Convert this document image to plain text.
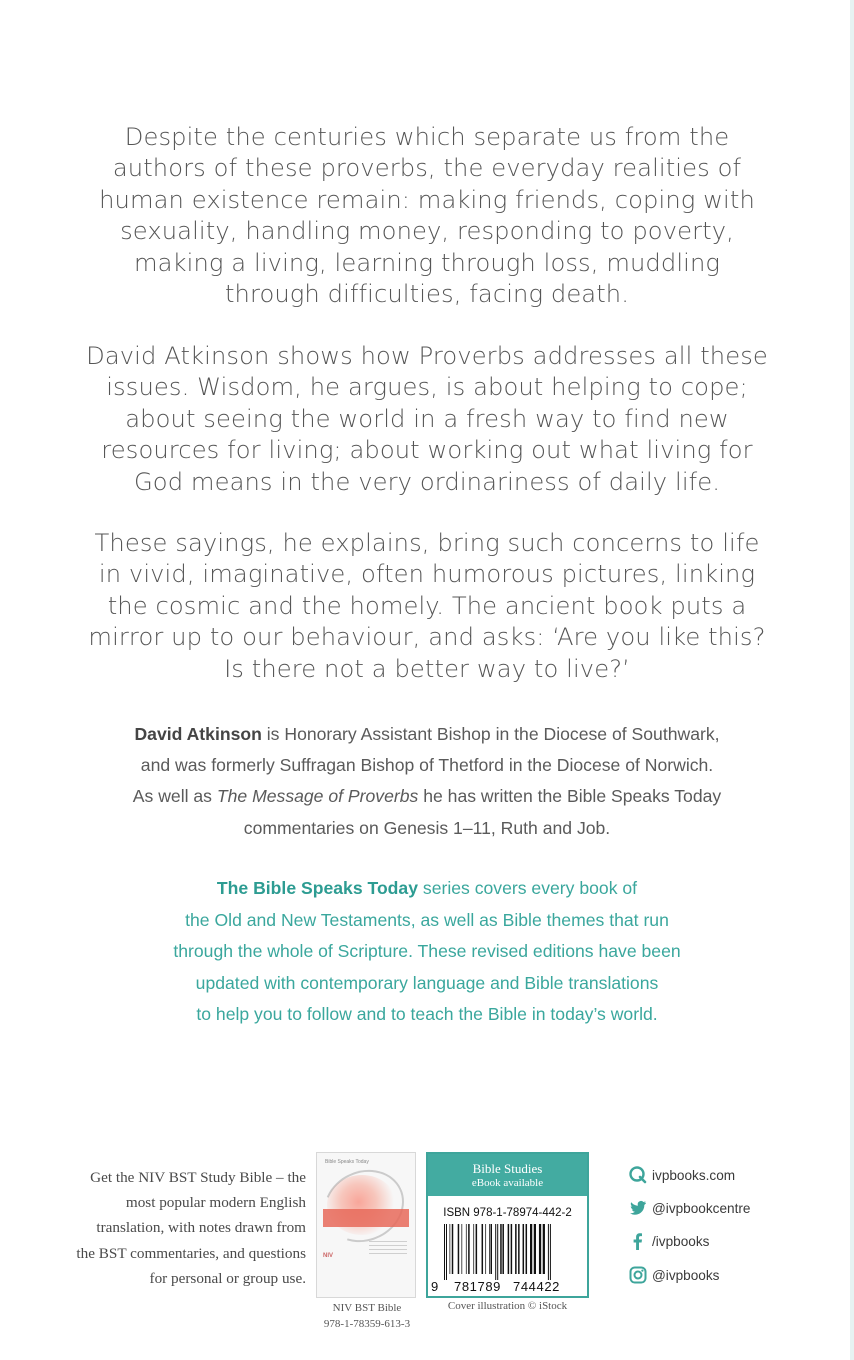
Despite the centuries which separate us from the
authors of these proverbs, the everyday realities of
human existence remain: making friends, coping with
sexuality, handling money, responding to poverty,
making a living, learning through loss, muddling
through difficulties, facing death.
David Atkinson shows how Proverbs addresses all these
issues. Wisdom, he argues, is about helping to cope;
about seeing the world in a fresh way to find new
resources for living; about working out what living for
God means in the very ordinariness of daily life.
These sayings, he explains, bring such concerns to life
in vivid, imaginative, often humorous pictures, linking
the cosmic and the homely. The ancient book puts a
mirror up to our behaviour, and asks: ‘Are you like this?
Is there not a better way to live?’
David Atkinson is Honorary Assistant Bishop in the Diocese of Southwark,
and was formerly Suffragan Bishop of Thetford in the Diocese of Norwich.
As well as The Message of Proverbs he has written the Bible Speaks Today
commentaries on Genesis 1–11, Ruth and Job.
The Bible Speaks Today series covers every book of
the Old and New Testaments, as well as Bible themes that run
through the whole of Scripture. These revised editions have been
updated with contemporary language and Bible translations
to help you to follow and to teach the Bible in today’s world.
Get the NIV BST Study Bible – the
most popular modern English
translation, with notes drawn from
the BST commentaries, and questions
for personal or group use.
Bible Speaks Today
NIV
NIV BST Bible
978-1-78359-613-3
Bible Studies
eBook available
ISBN 978-1-78974-442-2
9 781789 744422
Cover illustration © iStock
ivpbooks.com
@ivpbookcentre
/ivpbooks
@ivpbooks
